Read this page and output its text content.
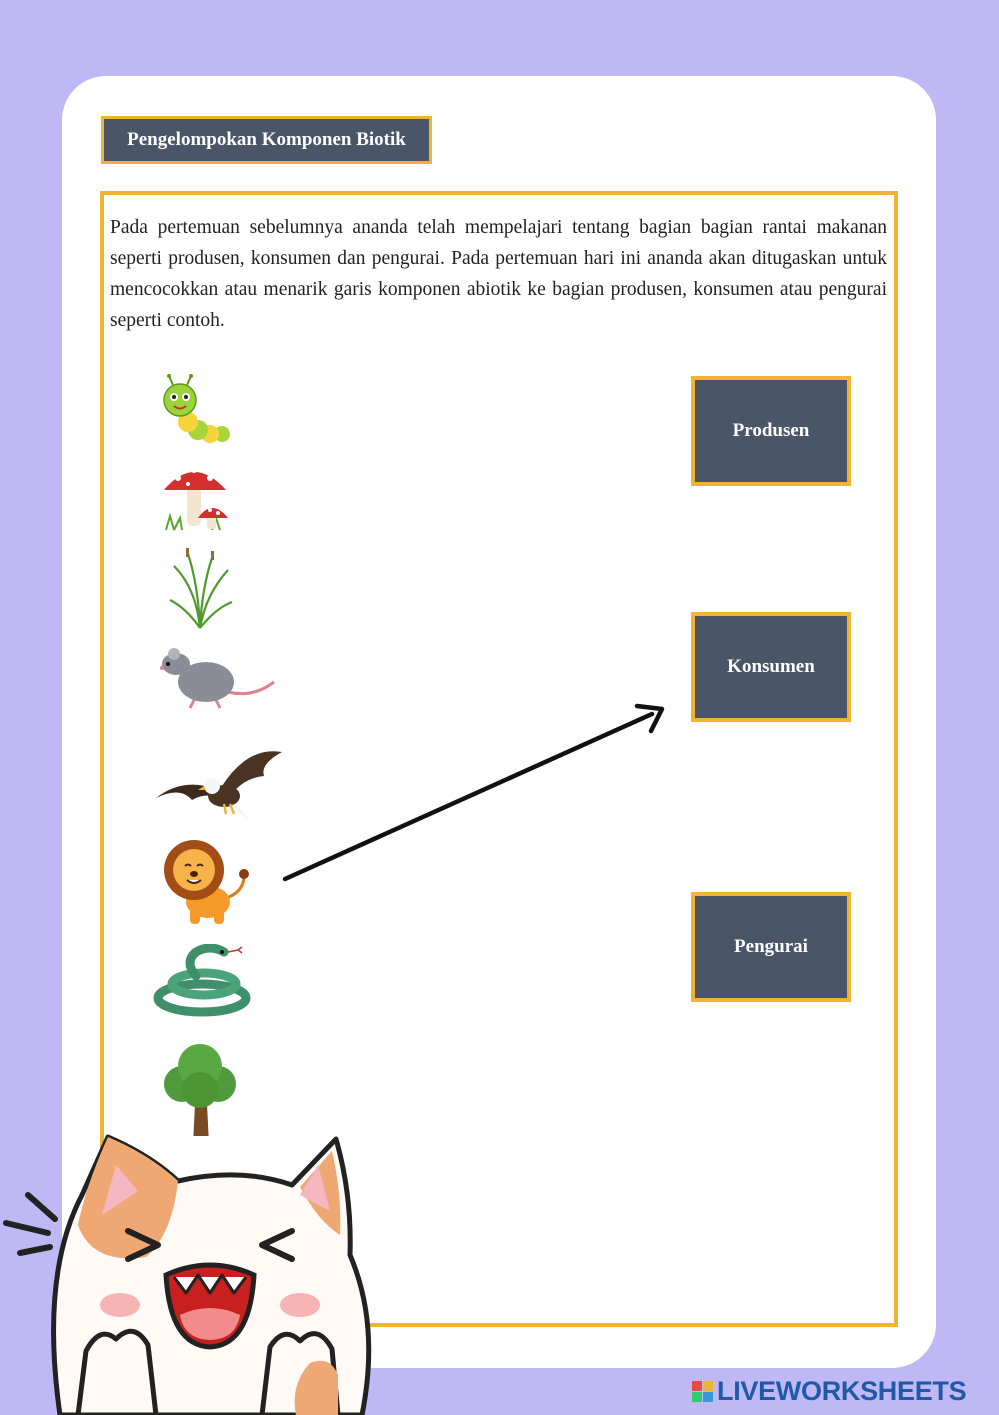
Pengelompokan Komponen Biotik

Pada pertemuan sebelumnya ananda telah mempelajari tentang bagian bagian rantai makanan seperti produsen, konsumen dan pengurai. Pada pertemuan hari ini ananda akan ditugaskan untuk mencocokkan atau menarik garis komponen abiotik ke bagian produsen, konsumen atau pengurai seperti contoh.

Produsen
Konsumen
Pengurai
LIVEWORKSHEETS
